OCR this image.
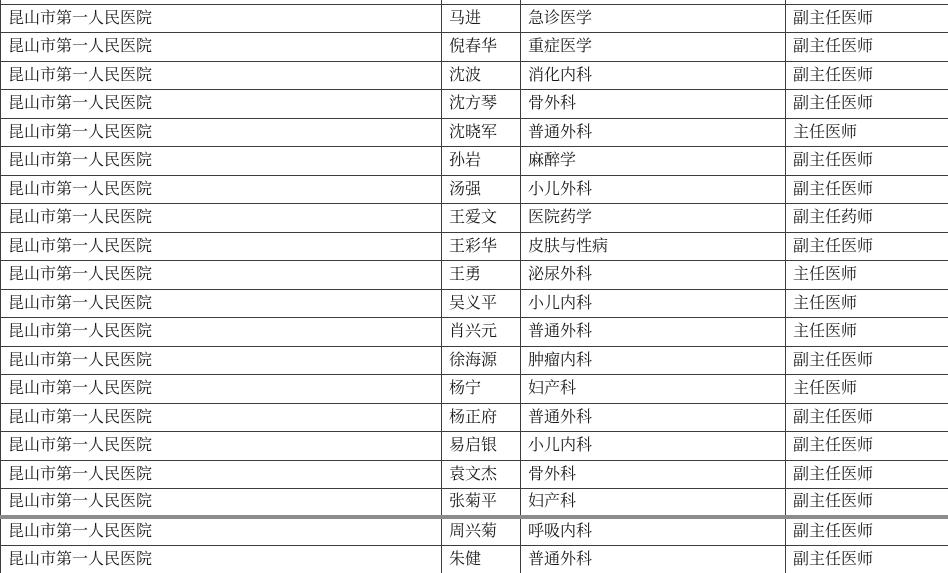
昆山市第一人民医院	马进	急诊医学	副主任医师
昆山市第一人民医院	倪春华	重症医学	副主任医师
昆山市第一人民医院	沈波	消化内科	副主任医师
昆山市第一人民医院	沈方琴	骨外科	副主任医师
昆山市第一人民医院	沈晓军	普通外科	主任医师
昆山市第一人民医院	孙岩	麻醉学	副主任医师
昆山市第一人民医院	汤强	小儿外科	副主任医师
昆山市第一人民医院	王爱文	医院药学	副主任药师
昆山市第一人民医院	王彩华	皮肤与性病	副主任医师
昆山市第一人民医院	王勇	泌尿外科	主任医师
昆山市第一人民医院	吴义平	小儿内科	主任医师
昆山市第一人民医院	肖兴元	普通外科	主任医师
昆山市第一人民医院	徐海源	肿瘤内科	副主任医师
昆山市第一人民医院	杨宁	妇产科	主任医师
昆山市第一人民医院	杨正府	普通外科	副主任医师
昆山市第一人民医院	易启银	小儿内科	副主任医师
昆山市第一人民医院	袁文杰	骨外科	副主任医师
昆山市第一人民医院	张菊平	妇产科	副主任医师
昆山市第一人民医院	周兴菊	呼吸内科	副主任医师
昆山市第一人民医院	朱健	普通外科	副主任医师
